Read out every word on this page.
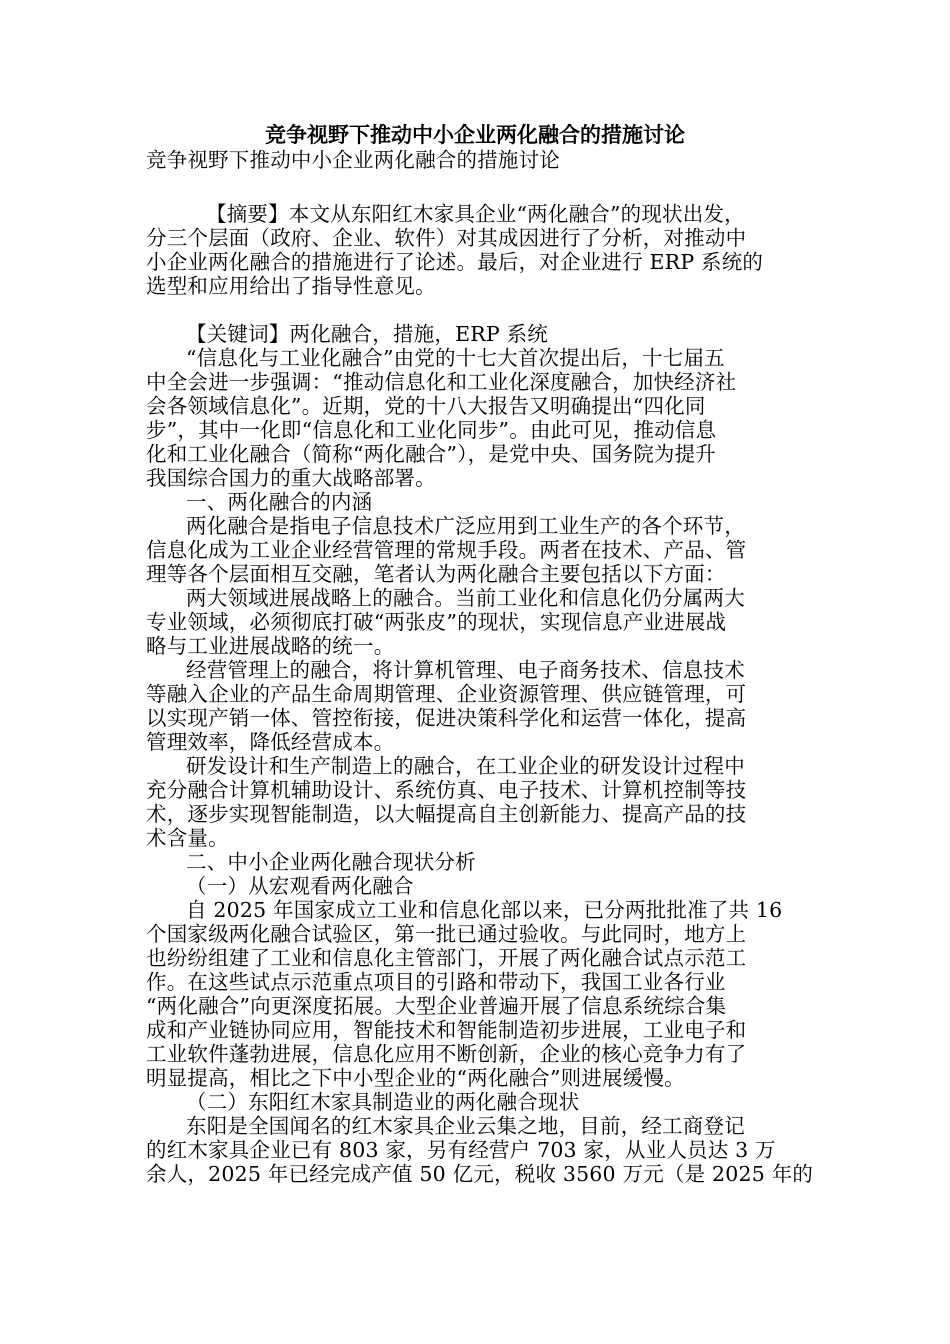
竞争视野下推动中小企业两化融合的措施讨论
竞争视野下推动中小企业两化融合的措施讨论
【摘要】本文从东阳红木家具企业“两化融合”的现状出发，
分三个层面（政府、企业、软件）对其成因进行了分析，对推动中
小企业两化融合的措施进行了论述。最后，对企业进行 ERP 系统的
选型和应用给出了指导性意见。
【关键词】两化融合，措施，ERP 系统
“信息化与工业化融合”由党的十七大首次提出后，十七届五
中全会进一步强调：“推动信息化和工业化深度融合，加快经济社
会各领域信息化”。近期，党的十八大报告又明确提出“四化同
步”，其中一化即“信息化和工业化同步”。由此可见，推动信息
化和工业化融合（简称“两化融合”），是党中央、国务院为提升
我国综合国力的重大战略部署。
一、两化融合的内涵
两化融合是指电子信息技术广泛应用到工业生产的各个环节，
信息化成为工业企业经营管理的常规手段。两者在技术、产品、管
理等各个层面相互交融，笔者认为两化融合主要包括以下方面：
两大领域进展战略上的融合。当前工业化和信息化仍分属两大
专业领域，必须彻底打破“两张皮”的现状，实现信息产业进展战
略与工业进展战略的统一。
经营管理上的融合，将计算机管理、电子商务技术、信息技术
等融入企业的产品生命周期管理、企业资源管理、供应链管理，可
以实现产销一体、管控衔接，促进决策科学化和运营一体化，提高
管理效率，降低经营成本。
研发设计和生产制造上的融合，在工业企业的研发设计过程中
充分融合计算机辅助设计、系统仿真、电子技术、计算机控制等技
术，逐步实现智能制造，以大幅提高自主创新能力、提高产品的技
术含量。
二、中小企业两化融合现状分析
（一）从宏观看两化融合
自 2025 年国家成立工业和信息化部以来，已分两批批准了共 16
个国家级两化融合试验区，第一批已通过验收。与此同时，地方上
也纷纷组建了工业和信息化主管部门，开展了两化融合试点示范工
作。在这些试点示范重点项目的引路和带动下，我国工业各行业
“两化融合”向更深度拓展。大型企业普遍开展了信息系统综合集
成和产业链协同应用，智能技术和智能制造初步进展，工业电子和
工业软件蓬勃进展，信息化应用不断创新，企业的核心竞争力有了
明显提高，相比之下中小型企业的“两化融合”则进展缓慢。
（二）东阳红木家具制造业的两化融合现状
东阳是全国闻名的红木家具企业云集之地，目前，经工商登记
的红木家具企业已有 803 家，另有经营户 703 家，从业人员达 3 万
余人，2025 年已经完成产值 50 亿元，税收 3560 万元（是 2025 年的
